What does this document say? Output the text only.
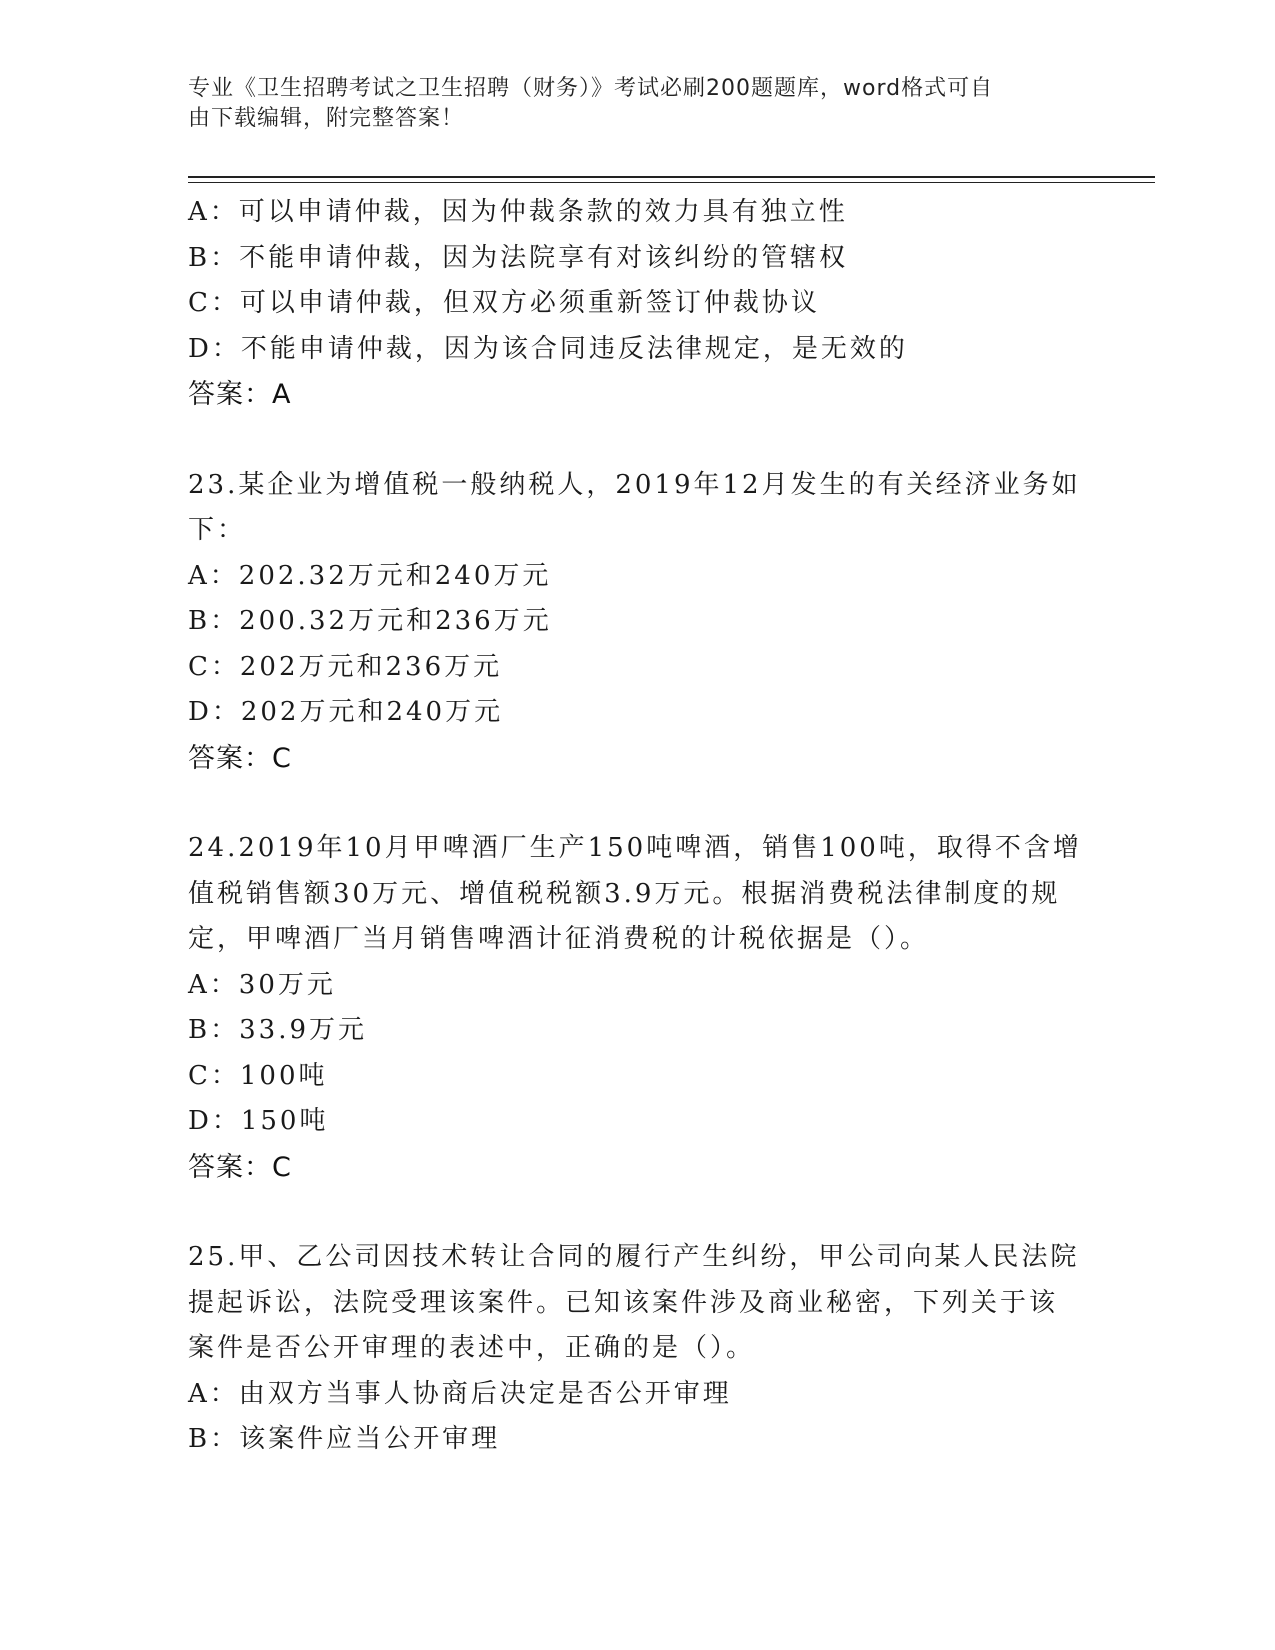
专业《卫生招聘考试之卫生招聘（财务）》考试必刷200题题库，word格式可自
由下载编辑，附完整答案！
A：可以申请仲裁，因为仲裁条款的效力具有独立性
B：不能申请仲裁，因为法院享有对该纠纷的管辖权
C：可以申请仲裁，但双方必须重新签订仲裁协议
D：不能申请仲裁，因为该合同违反法律规定，是无效的
答案：A
23.某企业为增值税一般纳税人，2019年12月发生的有关经济业务如
下：
A：202.32万元和240万元
B：200.32万元和236万元
C：202万元和236万元
D：202万元和240万元
答案：C
24.2019年10月甲啤酒厂生产150吨啤酒，销售100吨，取得不含增
值税销售额30万元、增值税税额3.9万元。根据消费税法律制度的规
定，甲啤酒厂当月销售啤酒计征消费税的计税依据是（）。
A：30万元
B：33.9万元
C：100吨
D：150吨
答案：C
25.甲、乙公司因技术转让合同的履行产生纠纷，甲公司向某人民法院
提起诉讼，法院受理该案件。已知该案件涉及商业秘密，下列关于该
案件是否公开审理的表述中，正确的是（）。
A：由双方当事人协商后决定是否公开审理
B：该案件应当公开审理
